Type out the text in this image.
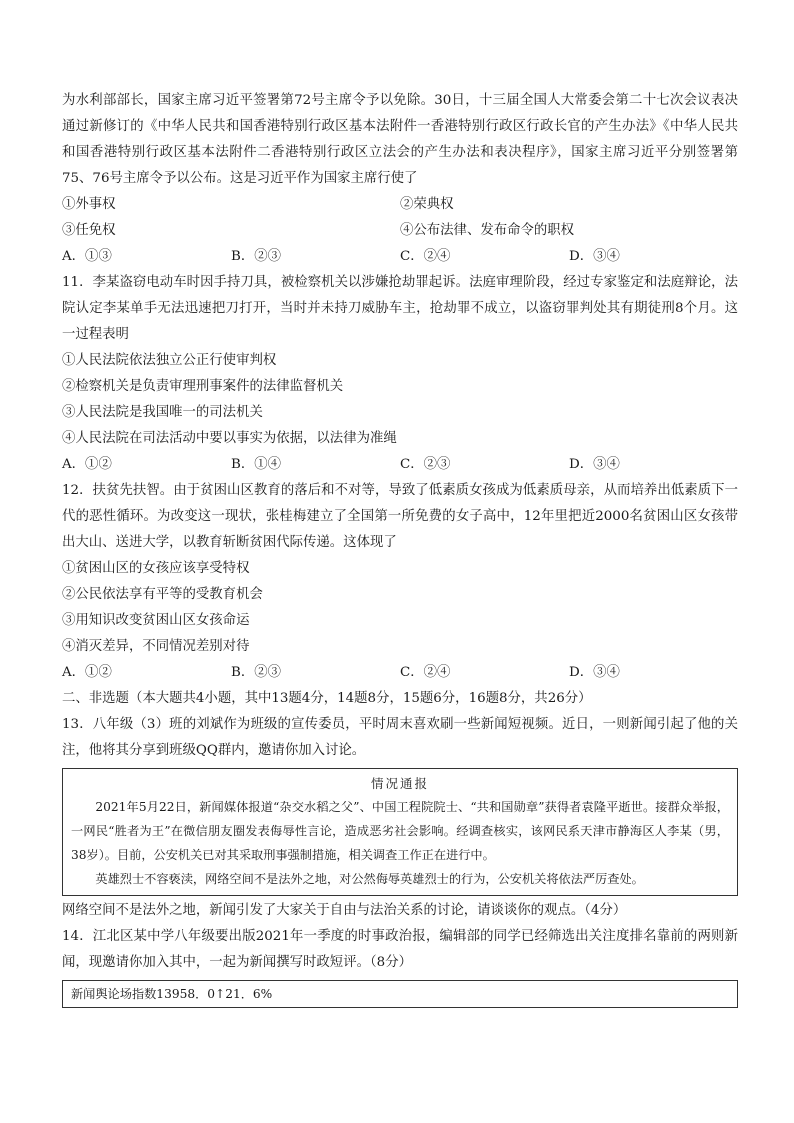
为水利部部长，国家主席习近平签署第72号主席令予以免除。30日，十三届全国人大常委会第二十七次会议表决通过新修订的《中华人民共和国香港特别行政区基本法附件一香港特别行政区行政长官的产生办法》《中华人民共和国香港特别行政区基本法附件二香港特别行政区立法会的产生办法和表决程序》，国家主席习近平分别签署第75、76号主席令予以公布。这是习近平作为国家主席行使了
①外事权	②荣典权
③任免权	④公布法律、发布命令的职权
A．①③	B．②③	C．②④	D．③④
11．李某盗窃电动车时因手持刀具，被检察机关以涉嫌抢劫罪起诉。法庭审理阶段，经过专家鉴定和法庭辩论，法院认定李某单手无法迅速把刀打开，当时并未持刀威胁车主，抢劫罪不成立，以盗窃罪判处其有期徒刑8个月。这一过程表明
①人民法院依法独立公正行使审判权
②检察机关是负责审理刑事案件的法律监督机关
③人民法院是我国唯一的司法机关
④人民法院在司法活动中要以事实为依据，以法律为准绳
A．①②	B．①④	C．②③	D．③④
12．扶贫先扶智。由于贫困山区教育的落后和不对等，导致了低素质女孩成为低素质母亲，从而培养出低素质下一代的恶性循环。为改变这一现状，张桂梅建立了全国第一所免费的女子高中，12年里把近2000名贫困山区女孩带出大山、送进大学，以教育斩断贫困代际传递。这体现了
①贫困山区的女孩应该享受特权
②公民依法享有平等的受教育机会
③用知识改变贫困山区女孩命运
④消灭差异，不同情况差别对待
A．①②	B．②③	C．②④	D．③④
二、非选题（本大题共4小题，其中13题4分，14题8分，15题6分，16题8分，共26分）
13．八年级（3）班的刘斌作为班级的宣传委员，平时周末喜欢刷一些新闻短视频。近日，一则新闻引起了他的关注，他将其分享到班级QQ群内，邀请你加入讨论。
情况通报
2021年5月22日，新闻媒体报道“杂交水稻之父”、中国工程院院士、“共和国勋章”获得者袁隆平逝世。接群众举报，一网民“胜者为王”在微信朋友圈发表侮辱性言论，造成恶劣社会影响。经调查核实，该网民系天津市静海区人李某（男，38岁）。目前，公安机关已对其采取刑事强制措施，相关调查工作正在进行中。
英雄烈士不容亵渎，网络空间不是法外之地，对公然侮辱英雄烈士的行为，公安机关将依法严厉查处。
网络空间不是法外之地，新闻引发了大家关于自由与法治关系的讨论，请谈谈你的观点。（4分）
14．江北区某中学八年级要出版2021年一季度的时事政治报，编辑部的同学已经筛选出关注度排名靠前的两则新闻，现邀请你加入其中，一起为新闻撰写时政短评。（8分）
新闻舆论场指数13958．0↑21．6%
